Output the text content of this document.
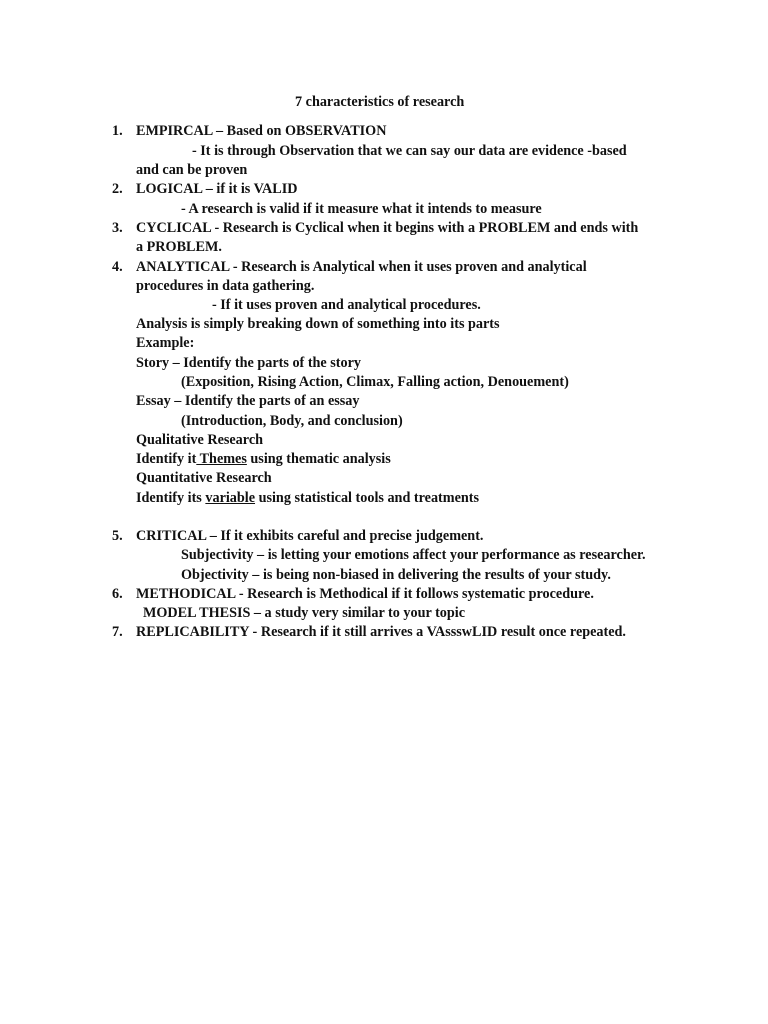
7 characteristics of research
1. EMPIRCAL – Based on OBSERVATION
- It is through Observation that we can say our data are evidence -based
and can be proven
2. LOGICAL – if it is VALID
- A research is valid if it measure what it intends to measure
3. CYCLICAL - Research is Cyclical when it begins with a PROBLEM and ends with
a PROBLEM.
4. ANALYTICAL - Research is Analytical when it uses proven and analytical
procedures in data gathering.
- If it uses proven and analytical procedures.
Analysis is simply breaking down of something into its parts
Example:
Story – Identify the parts of the story
(Exposition, Rising Action, Climax, Falling action, Denouement)
Essay – Identify the parts of an essay
(Introduction, Body, and conclusion)
Qualitative Research
Identify it Themes using thematic analysis
Quantitative Research
Identify its variable using statistical tools and treatments
5. CRITICAL – If it exhibits careful and precise judgement.
Subjectivity – is letting your emotions affect your performance as researcher.
Objectivity – is being non-biased in delivering the results of your study.
6. METHODICAL - Research is Methodical if it follows systematic procedure.
MODEL THESIS – a study very similar to your topic
7. REPLICABILITY - Research if it still arrives a VAssswLID result once repeated.
